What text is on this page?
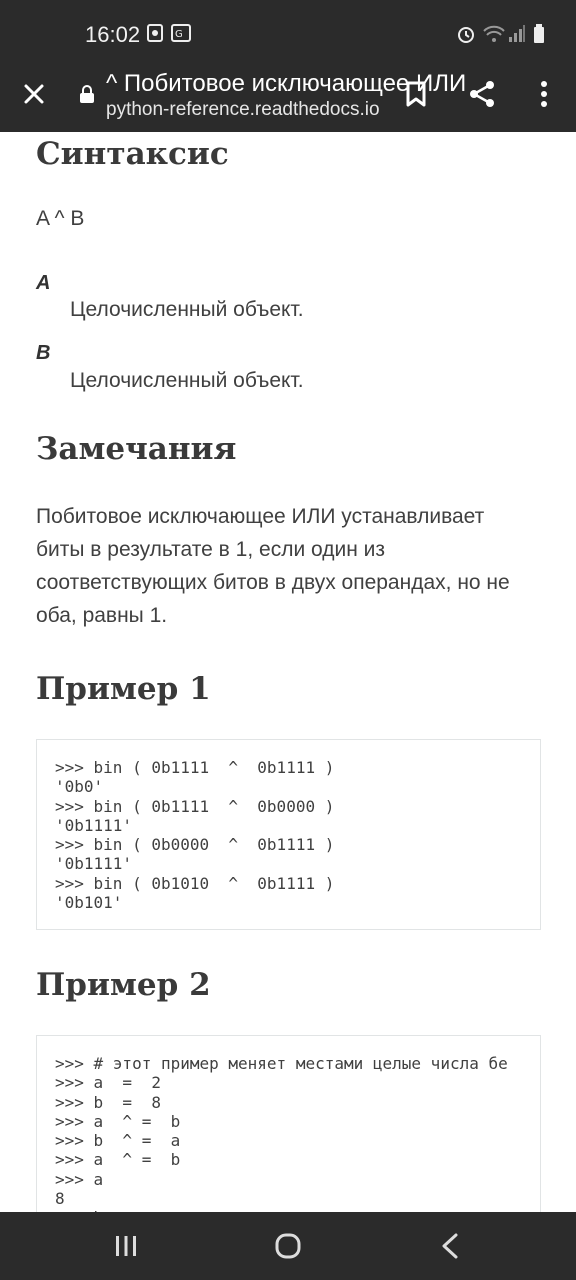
16:02	G
^ Побитовое исключающее ИЛИ
python-reference.readthedocs.io
Синтаксис
A ^ B
A
Целочисленный объект.
B
Целочисленный объект.
Замечания
Побитовое исключающее ИЛИ устанавливает
биты в результате в 1, если один из
соответствующих битов в двух операндах, но не
оба, равны 1.
Пример 1
>>> bin ( 0b1111  ^  0b1111 )
'0b0'
>>> bin ( 0b1111  ^  0b0000 )
'0b1111'
>>> bin ( 0b0000  ^  0b1111 )
'0b1111'
>>> bin ( 0b1010  ^  0b1111 )
'0b101'
Пример 2
>>> # этот пример меняет местами целые числа бе
>>> a  =  2
>>> b  =  8
>>> a  ^ =  b
>>> b  ^ =  a
>>> a  ^ =  b
>>> a
8
